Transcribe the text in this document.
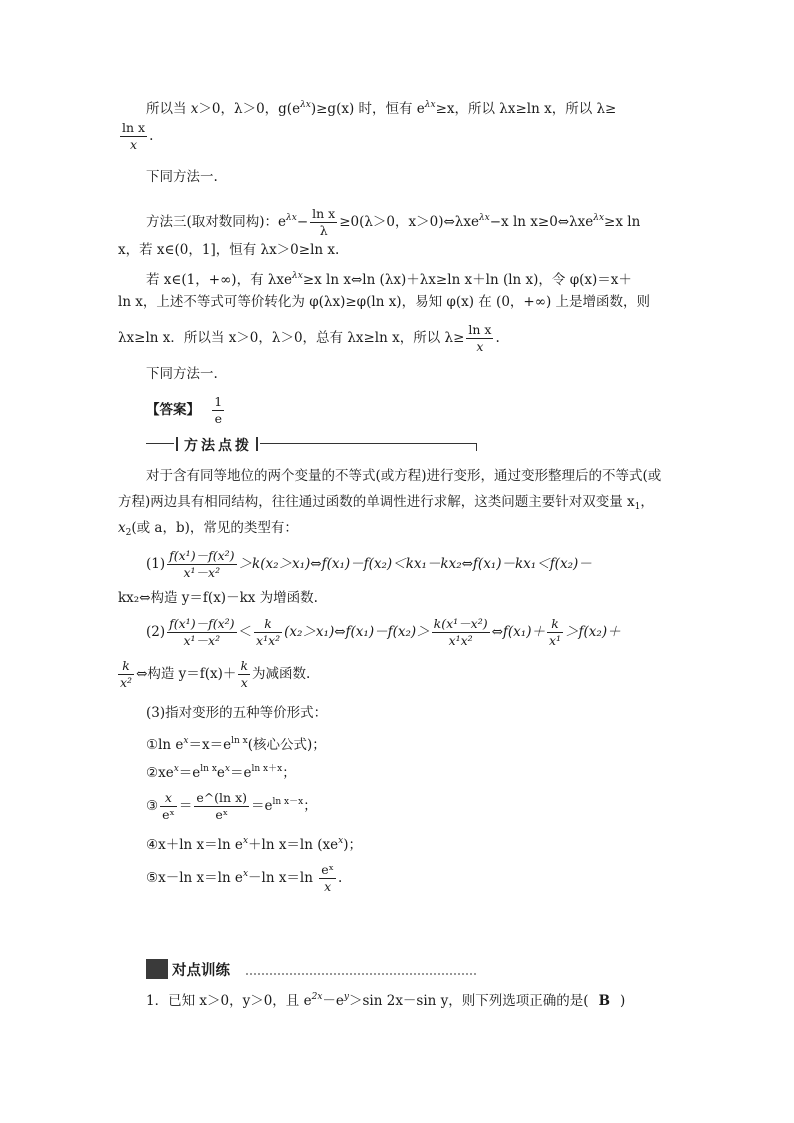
所以当 x＞0，λ＞0，$g(e^{\lambda x})\ge g(x)$ 时，恒有 $e^{\lambda x}\ge x$，所以 λx≥ln x，所以 λ≥
$\frac{\text{ln x}}{x}$ .
下同方法一.
方法三(取对数同构)：$e^{\lambda x}- \frac{\text{ln x}}{\lambda} \ge 0(\lambda>0$，x＞0)⇔λxe$^{\lambda x}$−x ln x≥0⇔λxe$^{\lambda x}$≥x ln
x，若 x∈(0，1]，恒有 λx＞0≥ln x.
若 x∈(1，+∞)，有 λxe$^{\lambda x}$≥x ln x⇔ln (λx)＋λx≥ln x＋ln (ln x)，令 φ(x)＝x＋
ln x，上述不等式可等价转化为 φ(λx)≥φ(ln x)，易知 φ(x) 在 (0，+∞) 上是增函数，则
λx≥ln x．所以当 x＞0，λ＞0，总有 λx≥ln x，所以 $\lambda\ge \frac{\text{ln x}}{x}$ .
下同方法一.
【答案】 $\frac{1}{e}$
方法点拨
对于含有同等地位的两个变量的不等式(或方程)进行变形，通过变形整理后的不等式(或
方程)两边具有相同结构，往往通过函数的单调性进行求解，这类问题主要针对双变量 $x_1$，
$x_2$(或 a，b)，常见的类型有：
$(1) \frac{\text{f(x¹)－f(x²)}}{\text{x¹－x²}}$ ＞k(x₂＞x₁)⇔f(x₁)－f(x₂)＜kx₁－kx₂⇔f(x₁)－kx₁＜f(x₂)－
kx₂⇔构造 y＝f(x)－kx 为增函数.
$(2) \frac{\text{f(x¹)－f(x²)}}{\text{x¹－x²}} < \frac{k}{\text{x¹x²}}$ (x₂＞x₁)⇔f(x₁)－f(x₂)＞ $\frac{\text{k(x¹－x²)}}{\text{x¹x²}}$ ⇔f(x₁)＋ $\frac{k}{\text{x¹}} >f(x_2)+$
$\frac{k}{\text{x²}}$ ⇔构造 $y=f(x)+ \frac{k}{x}$ 为减函数.
(3)指对变形的五种等价形式：
①ln $e^x=x=e^{ln x}$(核心公式)；
$②xe^x=e^{ln x}e^x=e^{ln x+x}$；
③ $\frac{x}{\text{eˣ}} = \frac{\text{e\textasciicircum{}(ln x)}}{\text{eˣ}} =e^{ln x-x}$；
④x＋ln x＝ln $e^x+\ln$ x＝ln $(xe^x)$；
⑤x－ln x＝ln $e^x-\ln$ $x=\ln \frac{\text{eˣ}}{x}$ .
对点训练
1．已知 x＞0，y＞0，且 $e^{2x}-e^y>\sin$ 2x－sin y，则下列选项正确的是( B )
